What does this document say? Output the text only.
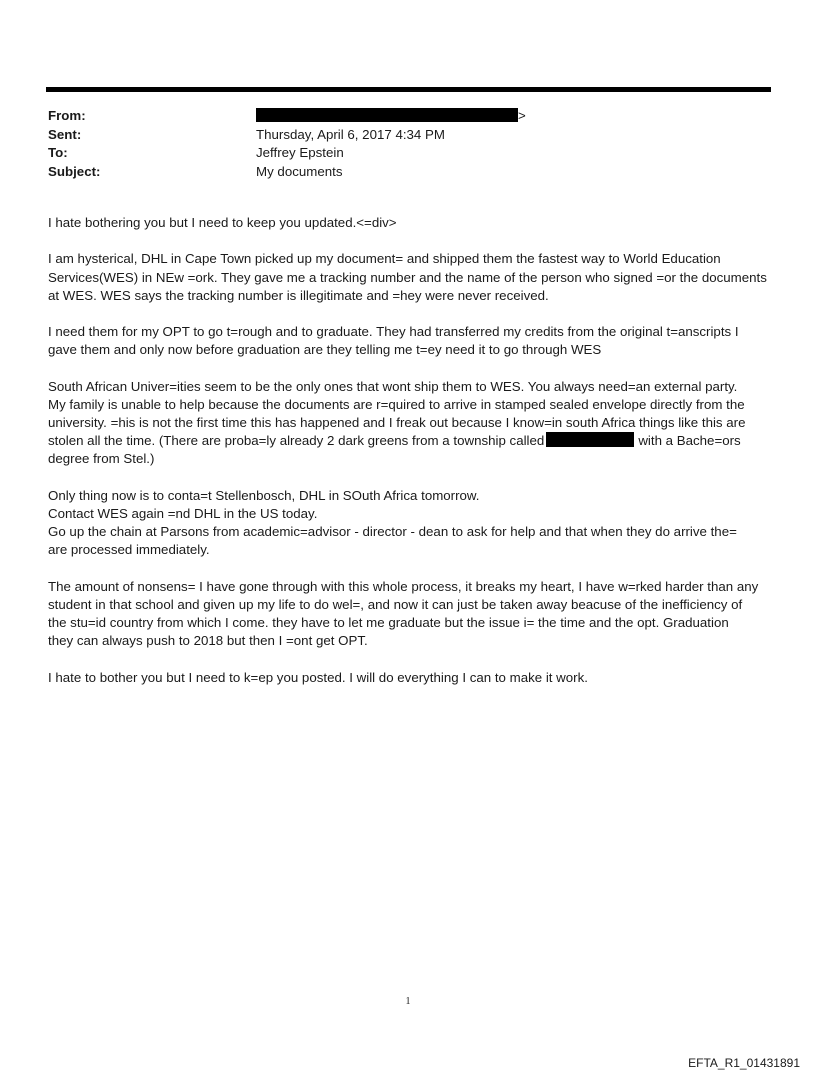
From:	>
Sent:	Thursday, April 6, 2017 4:34 PM
To:	Jeffrey Epstein
Subject:	My documents
I hate bothering you but I need to keep you updated.<=div>
I am hysterical, DHL in Cape Town picked up my document= and shipped them the fastest way to World Education
Services(WES) in NEw =ork. They gave me a tracking number and the name of the person who signed =or the documents
at WES. WES says the tracking number is illegitimate and =hey were never received.
I need them for my OPT to go t=rough and to graduate. They had transferred my credits from the original t=anscripts I
gave them and only now before graduation are they telling me t=ey need it to go through WES
South African Univer=ities seem to be the only ones that wont ship them to WES. You always need=an external party.
My family is unable to help because the documents are r=quired to arrive in stamped sealed envelope directly from the
university. =his is not the first time this has happened and I freak out because I know=in south Africa things like this are
stolen all the time. (There are proba=ly already 2 dark greens from a township called	with a Bache=ors
degree from Stel.)
Only thing now is to conta=t Stellenbosch, DHL in SOuth Africa tomorrow.
Contact WES again =nd DHL in the US today.
Go up the chain at Parsons from academic=advisor - director - dean to ask for help and that when they do arrive the=
are processed immediately.
The amount of nonsens= I have gone through with this whole process, it breaks my heart, I have w=rked harder than any
student in that school and given up my life to do wel=, and now it can just be taken away beacuse of the inefficiency of
the stu=id country from which I come. they have to let me graduate but the issue i= the time and the opt. Graduation
they can always push to 2018 but then I =ont get OPT.
I hate to bother you but I need to k=ep you posted. I will do everything I can to make it work.
1
EFTA_R1_01431891
